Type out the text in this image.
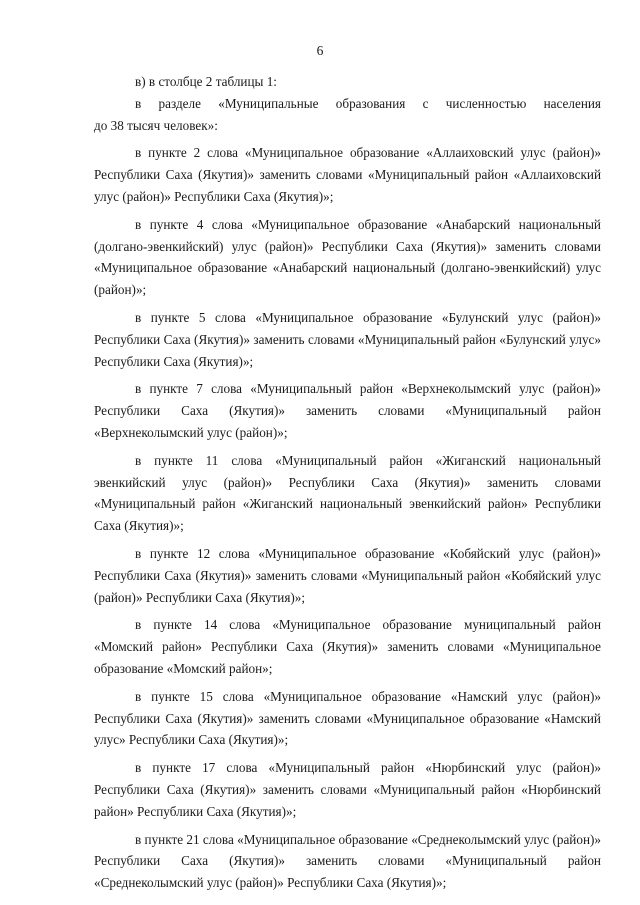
6

в) в столбце 2 таблицы 1:

в разделе «Муниципальные образования с численностью населения

до 38 тысяч человек»:

в пункте 2 слова «Муниципальное образование «Аллаиховский улус (район)» Республики Саха (Якутия)» заменить словами «Муниципальный район «Аллаиховский улус (район)» Республики Саха (Якутия)»;

в пункте 4 слова «Муниципальное образование «Анабарский национальный (долгано-эвенкийский) улус (район)» Республики Саха (Якутия)» заменить словами «Муниципальное образование «Анабарский национальный (долгано-эвенкийский) улус (район)»;

в пункте 5 слова «Муниципальное образование «Булунский улус (район)» Республики Саха (Якутия)» заменить словами «Муниципальный район «Булунский улус» Республики Саха (Якутия)»;

в пункте 7 слова «Муниципальный район «Верхнеколымский улус (район)» Республики Саха (Якутия)» заменить словами «Муниципальный район «Верхнеколымский улус (район)»;

в пункте 11 слова «Муниципальный район «Жиганский национальный эвенкийский улус (район)» Республики Саха (Якутия)» заменить словами «Муниципальный район «Жиганский национальный эвенкийский район» Республики Саха (Якутия)»;

в пункте 12 слова «Муниципальное образование «Кобяйский улус (район)» Республики Саха (Якутия)» заменить словами «Муниципальный район «Кобяйский улус (район)» Республики Саха (Якутия)»;

в пункте 14 слова «Муниципальное образование муниципальный район «Момский район» Республики Саха (Якутия)» заменить словами «Муниципальное образование «Момский район»;

в пункте 15 слова «Муниципальное образование «Намский улус (район)» Республики Саха (Якутия)» заменить словами «Муниципальное образование «Намский улус» Республики Саха (Якутия)»;

в пункте 17 слова «Муниципальный район «Нюрбинский улус (район)» Республики Саха (Якутия)» заменить словами «Муниципальный район «Нюрбинский район» Республики Саха (Якутия)»;

в пункте 21 слова «Муниципальное образование «Среднеколымский улус (район)» Республики Саха (Якутия)» заменить словами «Муниципальный район «Среднеколымский улус (район)» Республики Саха (Якутия)»;
